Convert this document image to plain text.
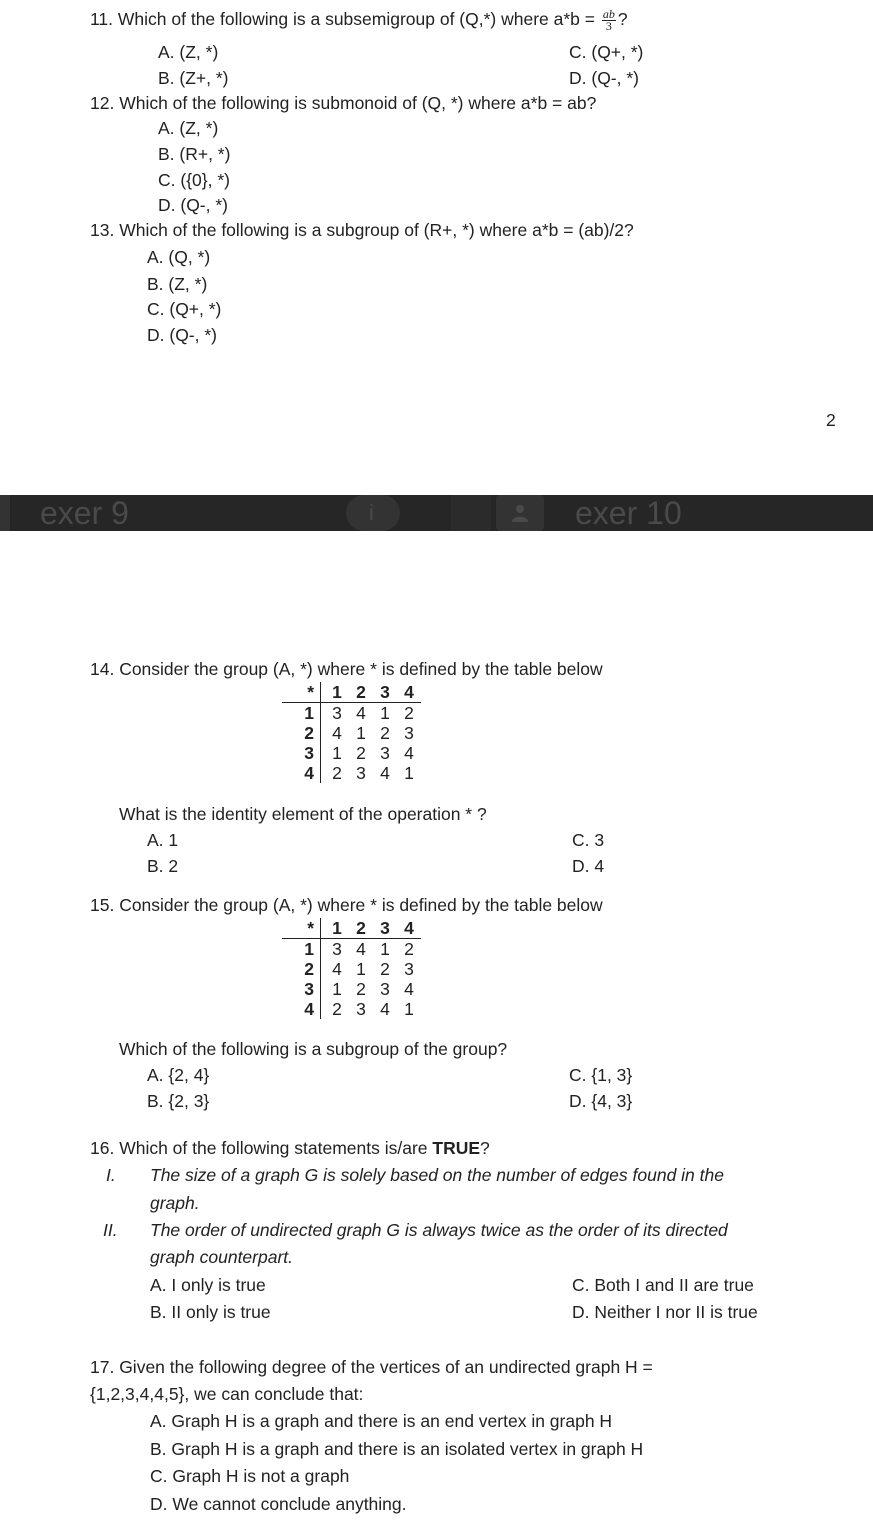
11. Which of the following is a subsemigroup of (Q,*) where $a*b = \frac{ab}{3}$ ?
A. (Z, *)
B. (Z+, *)
C. (Q+, *)
D. (Q-, *)
12. Which of the following is submonoid of (Q, *) where a*b = ab?
A. (Z, *)
B. (R+, *)
C. ({0}, *)
D. (Q-, *)
13. Which of the following is a subgroup of (R+, *) where a*b = (ab)/2?
A. (Q, *)
B. (Z, *)
C. (Q+, *)
D. (Q-, *)
2
exer 9	i	exer 10
14. Consider the group (A, *) where * is defined by the table below
*	1	2	3	4
1	3	4	1	2
2	4	1	2	3
3	1	2	3	4
4	2	3	4	1
What is the identity element of the operation * ?
A. 1
B. 2
C. 3
D. 4
15. Consider the group (A, *) where * is defined by the table below
*	1	2	3	4
1	3	4	1	2
2	4	1	2	3
3	1	2	3	4
4	2	3	4	1
Which of the following is a subgroup of the group?
A. {2, 4}
B. {2, 3}
C. {1, 3}
D. {4, 3}
16. Which of the following statements is/are TRUE?
I. The size of a graph G is solely based on the number of edges found in the
graph.
II. The order of undirected graph G is always twice as the order of its directed
graph counterpart.
A. I only is true
B. II only is true
C. Both I and II are true
D. Neither I nor II is true
17. Given the following degree of the vertices of an undirected graph H =
{1,2,3,4,4,5}, we can conclude that:
A. Graph H is a graph and there is an end vertex in graph H
B. Graph H is a graph and there is an isolated vertex in graph H
C. Graph H is not a graph
D. We cannot conclude anything.
